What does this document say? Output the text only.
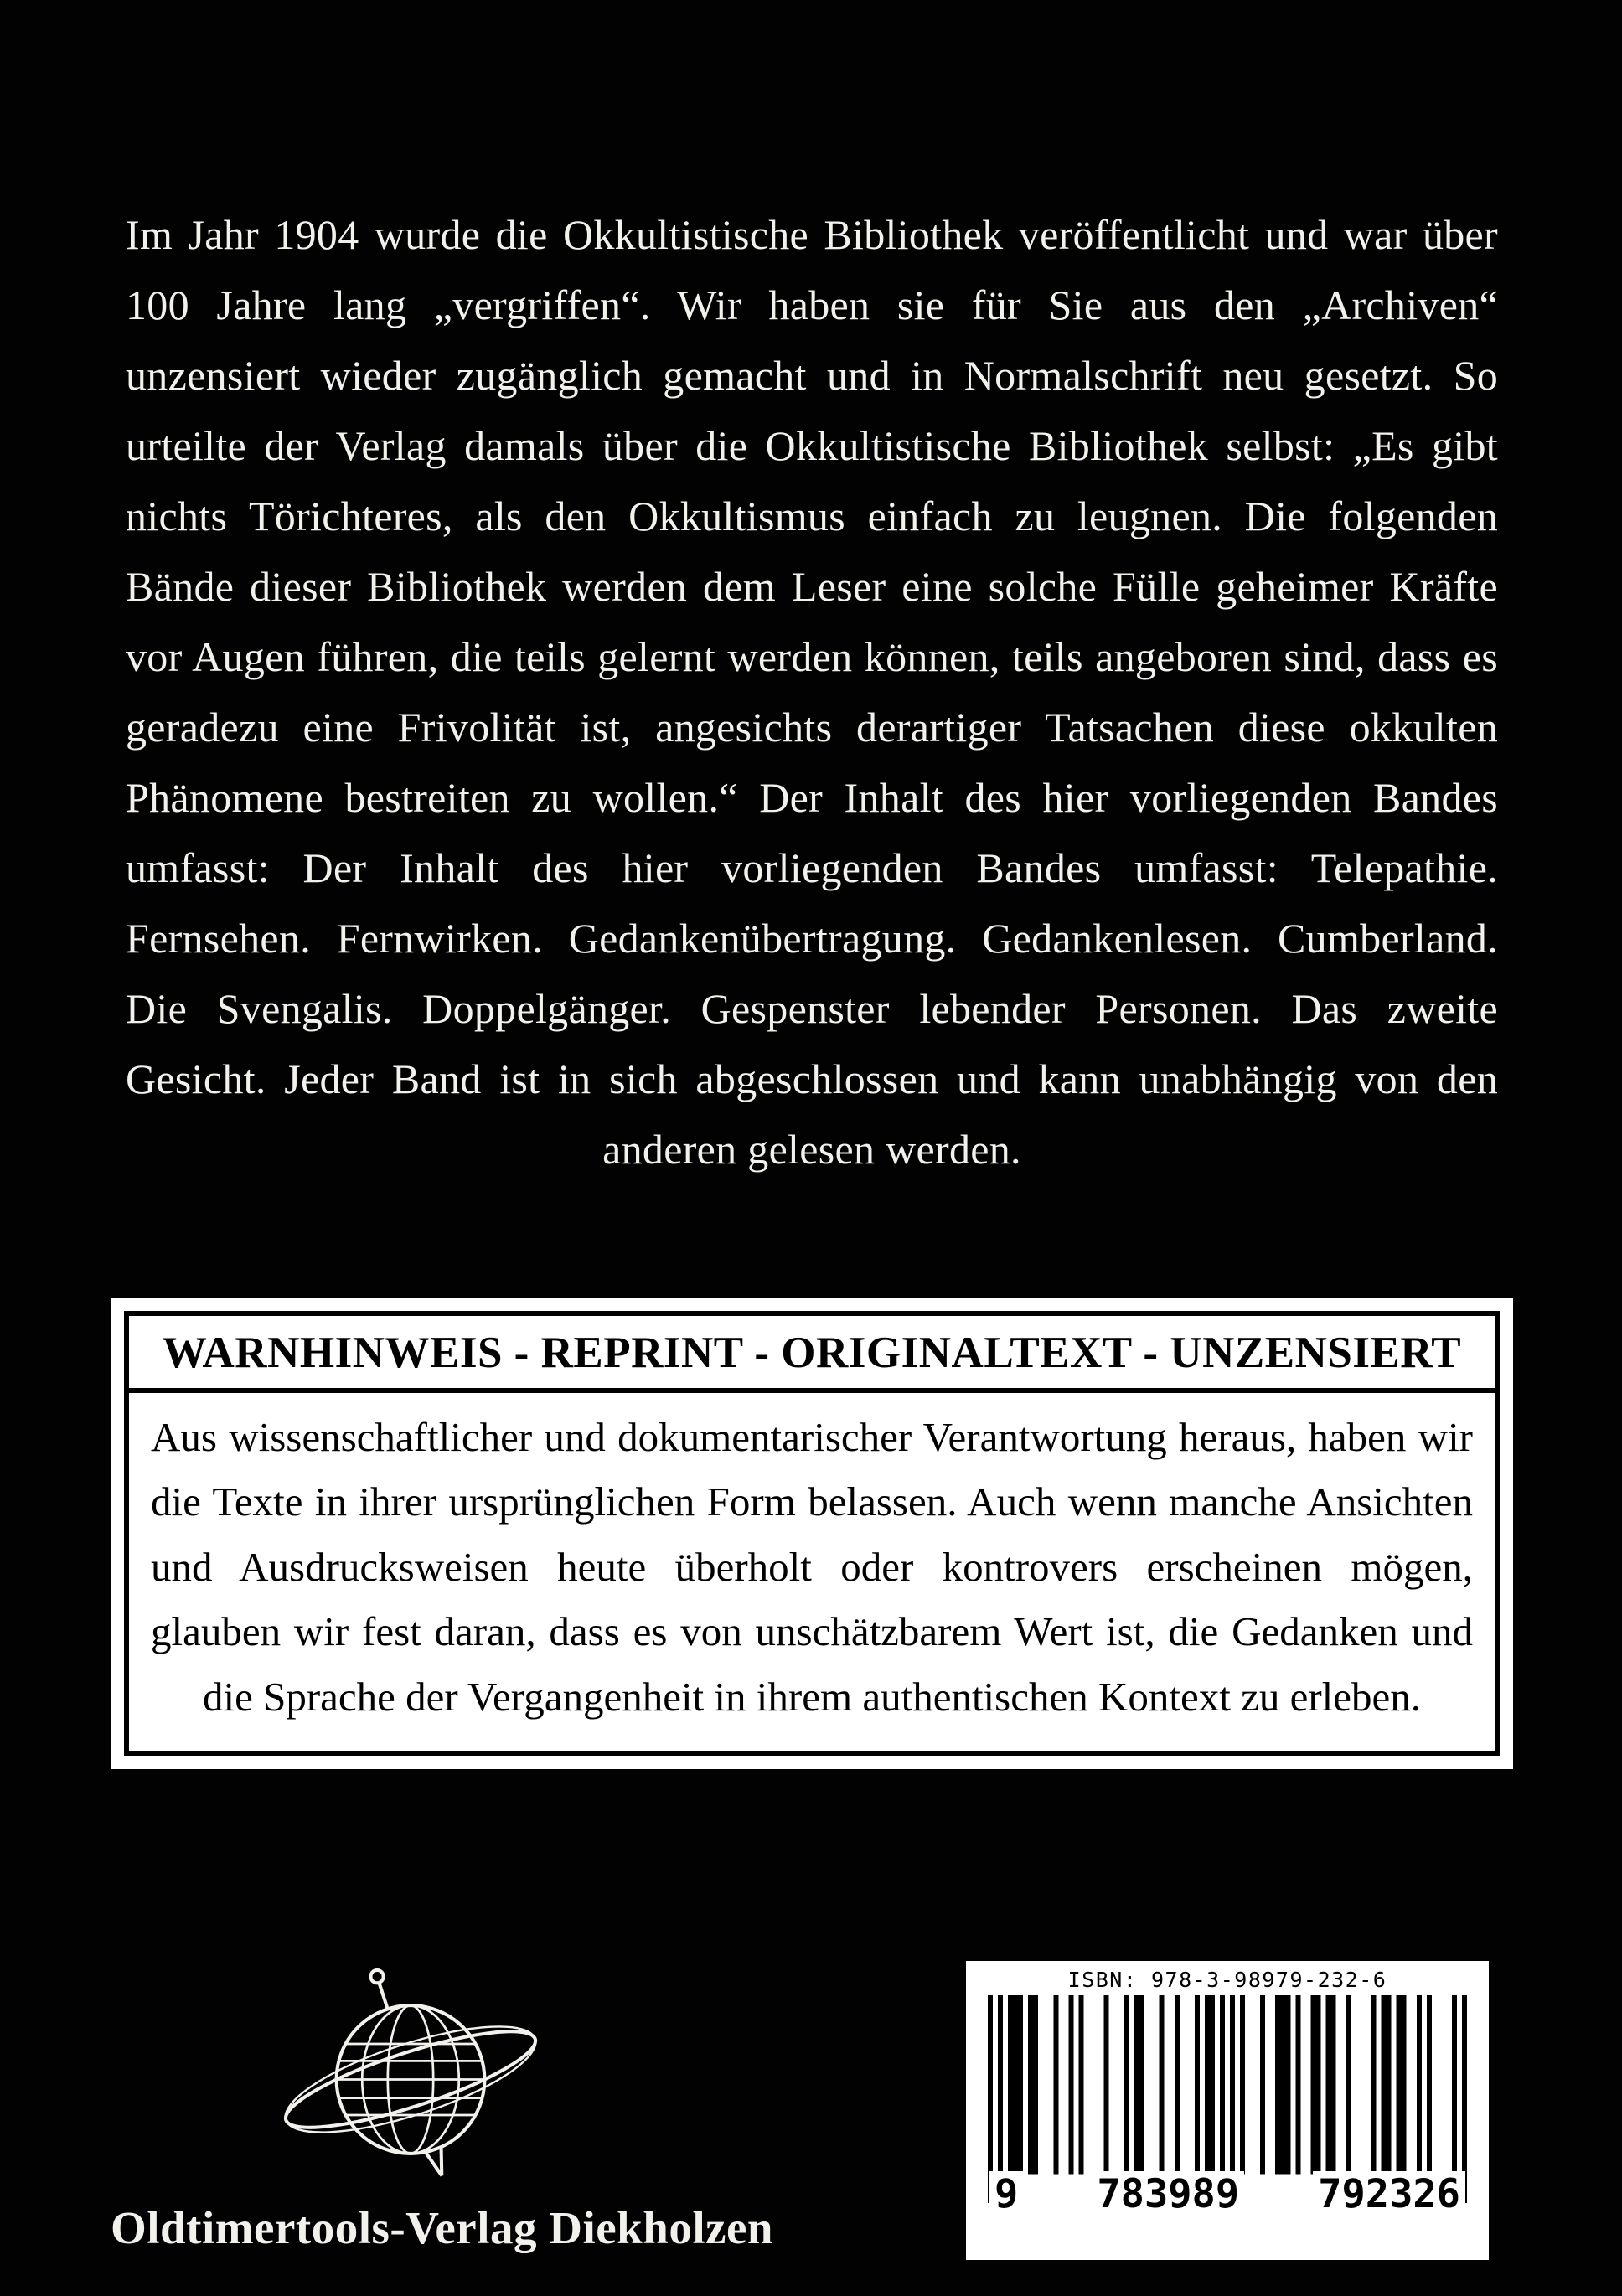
Im Jahr 1904 wurde die Okkultistische Bibliothek veröffentlicht und war über 100 Jahre lang „vergriffen“. Wir haben sie für Sie aus den „Archiven“ unzensiert wieder zugänglich gemacht und in Normalschrift neu gesetzt. So urteilte der Verlag damals über die Okkultistische Bibliothek selbst: „Es gibt nichts Törichteres, als den Okkultismus einfach zu leugnen. Die folgenden Bände dieser Bibliothek werden dem Leser eine solche Fülle geheimer Kräfte vor Augen führen, die teils gelernt werden können, teils angeboren sind, dass es geradezu eine Frivolität ist, angesichts derartiger Tatsachen diese okkulten Phänomene bestreiten zu wollen.“ Der Inhalt des hier vorliegenden Bandes umfasst: Der Inhalt des hier vorliegenden Bandes umfasst: Telepathie. Fernsehen. Fernwirken. Gedankenübertragung. Gedankenlesen. Cumberland. Die Svengalis. Doppelgänger. Gespenster lebender Personen. Das zweite Gesicht. Jeder Band ist in sich abgeschlossen und kann unabhängig von den anderen gelesen werden.

WARNHINWEIS - REPRINT - ORIGINALTEXT - UNZENSIERT

Aus wissenschaftlicher und dokumentarischer Verantwortung heraus, haben wir die Texte in ihrer ursprünglichen Form belassen. Auch wenn manche Ansichten und Ausdrucksweisen heute überholt oder kontrovers erscheinen mögen, glauben wir fest daran, dass es von unschätzbarem Wert ist, die Gedanken und die Sprache der Vergangenheit in ihrem authentischen Kontext zu erleben.

Oldtimertools-Verlag Diekholzen
ISBN: 978-3-98979-232-6
9 783989 792326
